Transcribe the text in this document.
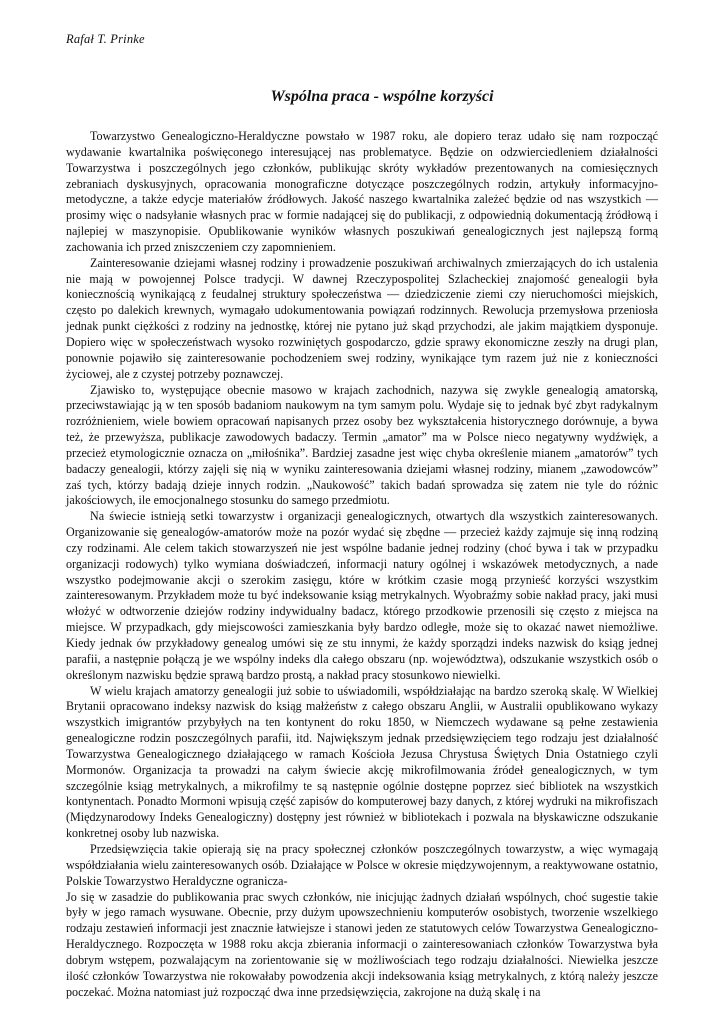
Rafał T. Prinke
Wspólna praca - wspólne korzyści

Towarzystwo Genealogiczno-Heraldyczne powstało w 1987 roku, ale dopiero teraz udało się nam rozpocząć wydawanie kwartalnika poświęconego interesującej nas problematyce. Będzie on odzwierciedleniem działalności Towarzystwa i poszczególnych jego członków, publikując skróty wykładów prezentowanych na comiesięcznych zebraniach dyskusyjnych, opracowania monograficzne dotyczące poszczególnych rodzin, artykuły informacyjno-metodyczne, a także edycje materiałów źródłowych. Jakość naszego kwartalnika zależeć będzie od nas wszystkich — prosimy więc o nadsyłanie własnych prac w formie nadającej się do publikacji, z odpowiednią dokumentacją źródłową i najlepiej w maszynopisie. Opublikowanie wyników własnych poszukiwań genealogicznych jest najlepszą formą zachowania ich przed zniszczeniem czy zapomnieniem.

Zainteresowanie dziejami własnej rodziny i prowadzenie poszukiwań archiwalnych zmierzających do ich ustalenia nie mają w powojennej Polsce tradycji. W dawnej Rzeczypospolitej Szlacheckiej znajomość genealogii była koniecznością wynikającą z feudalnej struktury społeczeństwa — dziedziczenie ziemi czy nieruchomości miejskich, często po dalekich krewnych, wymagało udokumentowania powiązań rodzinnych. Rewolucja przemysłowa przeniosła jednak punkt ciężkości z rodziny na jednostkę, której nie pytano już skąd przychodzi, ale jakim majątkiem dysponuje. Dopiero więc w społeczeństwach wysoko rozwiniętych gospodarczo, gdzie sprawy ekonomiczne zeszły na drugi plan, ponownie pojawiło się zainteresowanie pochodzeniem swej rodziny, wynikające tym razem już nie z konieczności życiowej, ale z czystej potrzeby poznawczej.

Zjawisko to, występujące obecnie masowo w krajach zachodnich, nazywa się zwykle genealogią amatorską, przeciwstawiając ją w ten sposób badaniom naukowym na tym samym polu. Wydaje się to jednak być zbyt radykalnym rozróżnieniem, wiele bowiem opracowań napisanych przez osoby bez wykształcenia historycznego dorównuje, a bywa też, że przewyższa, publikacje zawodowych badaczy. Termin „amator” ma w Polsce nieco negatywny wydźwięk, a przecież etymologicznie oznacza on „miłośnika”. Bardziej zasadne jest więc chyba określenie mianem „amatorów” tych badaczy genealogii, którzy zajęli się nią w wyniku zainteresowania dziejami własnej rodziny, mianem „zawodowców” zaś tych, którzy badają dzieje innych rodzin. „Naukowość” takich badań sprowadza się zatem nie tyle do różnic jakościowych, ile emocjonalnego stosunku do samego przedmiotu.

Na świecie istnieją setki towarzystw i organizacji genealogicznych, otwartych dla wszystkich zainteresowanych. Organizowanie się genealogów-amatorów może na pozór wydać się zbędne — przecież każdy zajmuje się inną rodziną czy rodzinami. Ale celem takich stowarzyszeń nie jest wspólne badanie jednej rodziny (choć bywa i tak w przypadku organizacji rodowych) tylko wymiana doświadczeń, informacji natury ogólnej i wskazówek metodycznych, a nade wszystko podejmowanie akcji o szerokim zasięgu, które w krótkim czasie mogą przynieść korzyści wszystkim zainteresowanym. Przykładem może tu być indeksowanie ksiąg metrykalnych. Wyobraźmy sobie nakład pracy, jaki musi włożyć w odtworzenie dziejów rodziny indywidualny badacz, którego przodkowie przenosili się często z miejsca na miejsce. W przypadkach, gdy miejscowości zamieszkania były bardzo odległe, może się to okazać nawet niemożliwe. Kiedy jednak ów przykładowy genealog umówi się ze stu innymi, że każdy sporządzi indeks nazwisk do ksiąg jednej parafii, a następnie połączą je we wspólny indeks dla całego obszaru (np. województwa), odszukanie wszystkich osób o określonym nazwisku będzie sprawą bardzo prostą, a nakład pracy stosunkowo niewielki.

W wielu krajach amatorzy genealogii już sobie to uświadomili, współdziałając na bardzo szeroką skalę. W Wielkiej Brytanii opracowano indeksy nazwisk do ksiąg małżeństw z całego obszaru Anglii, w Australii opublikowano wykazy wszystkich imigrantów przybyłych na ten kontynent do roku 1850, w Niemczech wydawane są pełne zestawienia genealogiczne rodzin poszczególnych parafii, itd. Największym jednak przedsięwzięciem tego rodzaju jest działalność Towarzystwa Genealogicznego działającego w ramach Kościoła Jezusa Chrystusa Świętych Dnia Ostatniego czyli Mormonów. Organizacja ta prowadzi na całym świecie akcję mikrofilmowania źródeł genealogicznych, w tym szczególnie ksiąg metrykalnych, a mikrofilmy te są następnie ogólnie dostępne poprzez sieć bibliotek na wszystkich kontynentach. Ponadto Mormoni wpisują część zapisów do komputerowej bazy danych, z której wydruki na mikrofiszach (Międzynarodowy Indeks Genealogiczny) dostępny jest również w bibliotekach i pozwala na błyskawiczne odszukanie konkretnej osoby lub nazwiska.

Przedsięwzięcia takie opierają się na pracy społecznej członków poszczególnych towarzystw, a więc wymagają współdziałania wielu zainteresowanych osób. Działające w Polsce w okresie międzywojennym, a reaktywowane ostatnio, Polskie Towarzystwo Heraldyczne ogranicza-

Jo się w zasadzie do publikowania prac swych członków, nie inicjując żadnych działań wspólnych, choć sugestie takie były w jego ramach wysuwane. Obecnie, przy dużym upowszechnieniu komputerów osobistych, tworzenie wszelkiego rodzaju zestawień informacji jest znacznie łatwiejsze i stanowi jeden ze statutowych celów Towarzystwa Genealogiczno-Heraldycznego. Rozpoczęta w 1988 roku akcja zbierania informacji o zainteresowaniach członków Towarzystwa była dobrym wstępem, pozwalającym na zorientowanie się w możliwościach tego rodzaju działalności. Niewielka jeszcze ilość członków Towarzystwa nie rokowałaby powodzenia akcji indeksowania ksiąg metrykalnych, z którą należy jeszcze poczekać. Można natomiast już rozpocząć dwa inne przedsięwzięcia, zakrojone na dużą skalę i na
